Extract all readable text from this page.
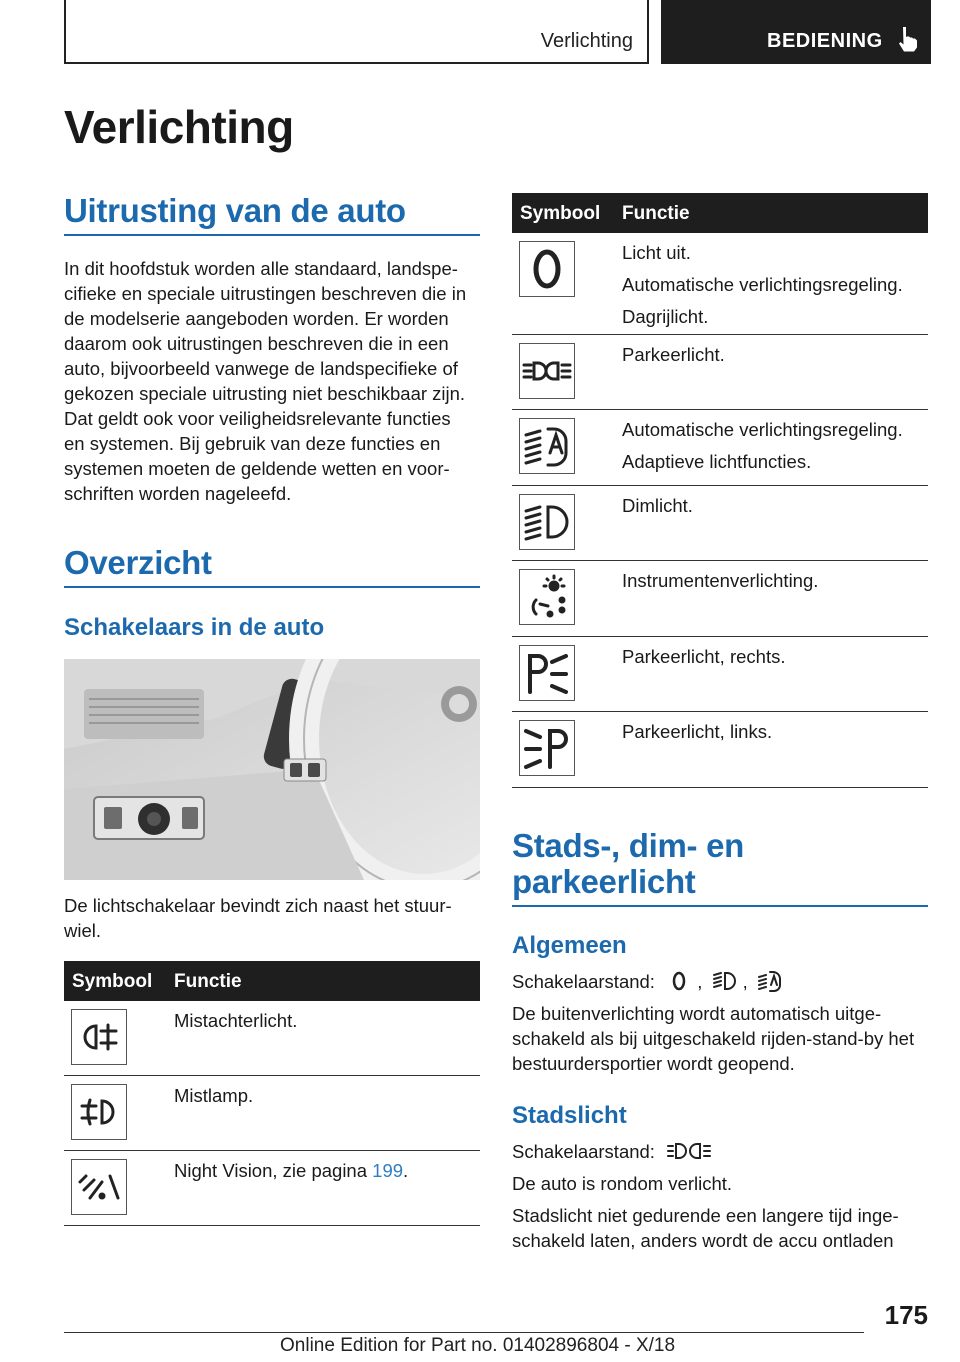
Verlichting	BEDIENING
Verlichting
Uitrusting van de auto
In dit hoofdstuk worden alle standaard, landspe-
cifieke en speciale uitrustingen beschreven die in
de modelserie aangeboden worden. Er worden
daarom ook uitrustingen beschreven die in een
auto, bijvoorbeeld vanwege de landspecifieke of
gekozen speciale uitrusting niet beschikbaar zijn.
Dat geldt ook voor veiligheidsrelevante functies
en systemen. Bij gebruik van deze functies en
systemen moeten de geldende wetten en voor-
schriften worden nageleefd.
Overzicht
Schakelaars in de auto
De lichtschakelaar bevindt zich naast het stuur-
wiel.
Symbool Functie
Mistachterlicht.
Mistlamp.
Night Vision, zie pagina 199.
Symbool Functie
Licht uit.
Automatische verlichtingsregeling.
Dagrijlicht.
Parkeerlicht.
Automatische verlichtingsregeling.
Adaptieve lichtfuncties.
Dimlicht.
Instrumentenverlichting.
Parkeerlicht, rechts.
Parkeerlicht, links.
Stads-, dim- en
parkeerlicht
Algemeen
Schakelaarstand: , ,
De buitenverlichting wordt automatisch uitge-
schakeld als bij uitgeschakeld rijden-stand-by het
bestuurdersportier wordt geopend.
Stadslicht
Schakelaarstand:
De auto is rondom verlicht.
Stadslicht niet gedurende een langere tijd inge-
schakeld laten, anders wordt de accu ontladen
175
Online Edition for Part no. 01402896804 - X/18
